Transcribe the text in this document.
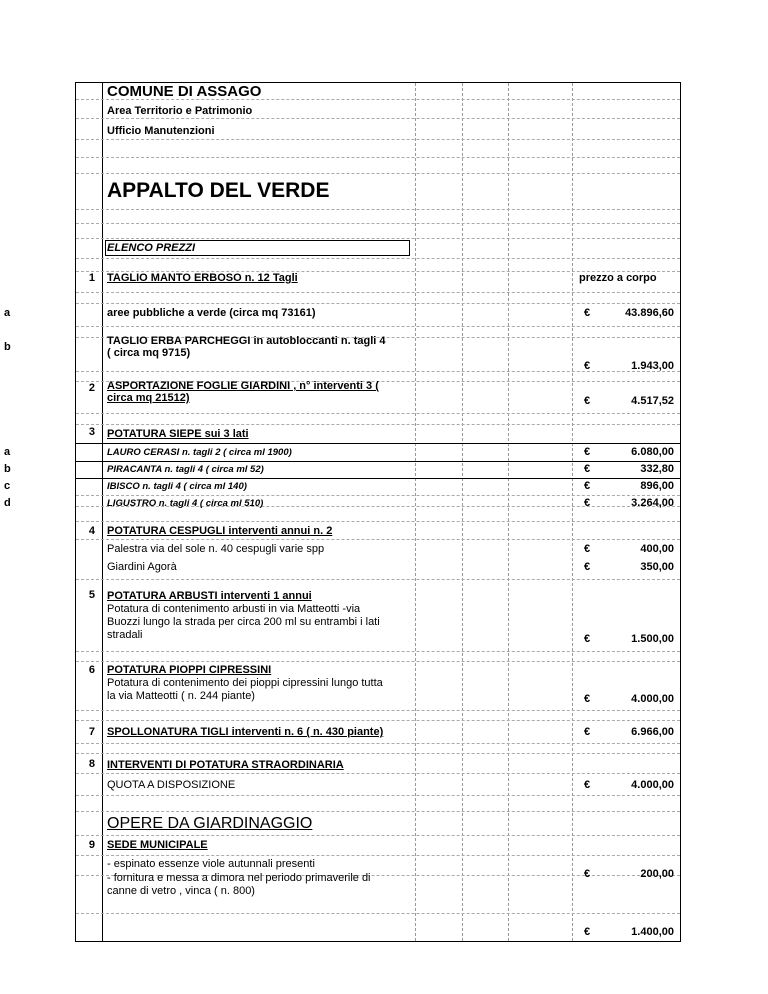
COMUNE DI ASSAGO
Area Territorio e Patrimonio
Ufficio Manutenzioni
APPALTO DEL VERDE
ELENCO PREZZI
1 TAGLIO MANTO ERBOSO n. 12 Tagli	prezzo a corpo
a	aree pubbliche a verde (circa mq 73161)	€	43.896,60
b	TAGLIO ERBA PARCHEGGI in autobloccanti n. tagli 4
( circa mq 9715)
€	1.943,00
2 ASPORTAZIONE FOGLIE GIARDINI , n° interventi 3 (
circa mq 21512)	€	4.517,52
3 POTATURA SIEPE sui 3 lati
a	LAURO CERASI n. tagli 2 ( circa ml 1900)	€	6.080,00
b	PIRACANTA n. tagli 4 ( circa ml 52)	€	332,80
c	IBISCO n. tagli 4 ( circa ml 140)	€	896,00
d	LIGUSTRO n. tagli 4 ( circa ml 510)	€	3.264,00
4 POTATURA CESPUGLI interventi annui n. 2
Palestra via del sole n. 40 cespugli varie spp	€	400,00
Giardini Agorà	€	350,00
5 POTATURA ARBUSTI interventi 1 annui
Potatura di contenimento arbusti in via Matteotti -via
Buozzi lungo la strada per circa 200 ml su entrambi i lati
stradali	€	1.500,00
6 POTATURA PIOPPI CIPRESSINI
Potatura di contenimento dei pioppi cipressini lungo tutta
la via Matteotti ( n. 244 piante)	€	4.000,00
7 SPOLLONATURA TIGLI interventi n. 6 ( n. 430 piante)	€	6.966,00
8 INTERVENTI DI POTATURA STRAORDINARIA
QUOTA A DISPOSIZIONE	€	4.000,00
OPERE DA GIARDINAGGIO
9 SEDE MUNICIPALE
- espinato essenze viole autunnali presenti
€	200,00
- fornitura e messa a dimora nel periodo primaverile di
canne di vetro , vinca ( n. 800)
€	1.400,00
